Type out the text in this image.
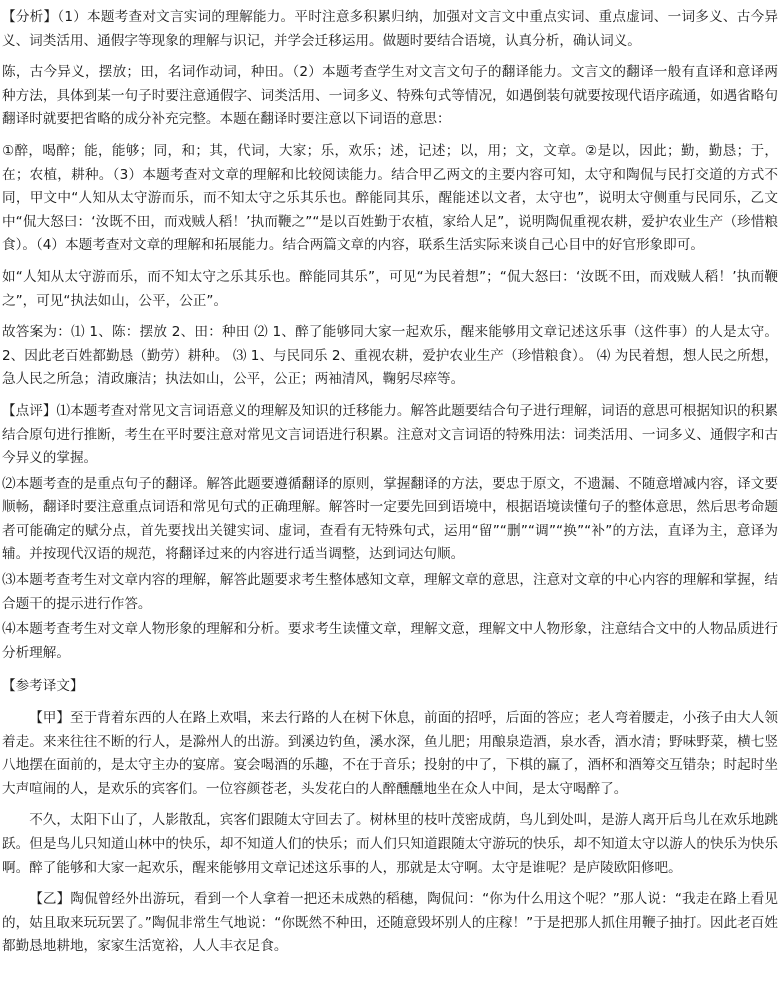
【分析】（1）本题考查对文言实词的理解能力。平时注意多积累归纳，加强对文言文中重点实词、重点虚词、一词多义、古今异义、词类活用、通假字等现象的理解与识记，并学会迁移运用。做题时要结合语境，认真分析，确认词义。

陈，古今异义，摆放；田，名词作动词，种田。（2）本题考查学生对文言文句子的翻译能力。文言文的翻译一般有直译和意译两种方法，具体到某一句子时要注意通假字、词类活用、一词多义、特殊句式等情况，如遇倒装句就要按现代语序疏通，如遇省略句翻译时就要把省略的成分补充完整。本题在翻译时要注意以下词语的意思：

①醉，喝醉；能，能够；同，和；其，代词，大家；乐，欢乐；述，记述；以，用；文，文章。②是以，因此；勤，勤恳；于，在；农植，耕种。（3）本题考查对文章的理解和比较阅读能力。结合甲乙两文的主要内容可知，太守和陶侃与民打交道的方式不同，甲文中“人知从太守游而乐，而不知太守之乐其乐也。醉能同其乐，醒能述以文者，太守也”，说明太守侧重与民同乐，乙文中“侃大怒曰：‘汝既不田，而戏贼人稻！’执而鞭之”“是以百姓勤于农植，家给人足”，说明陶侃重视农耕，爱护农业生产（珍惜粮食）。（4）本题考查对文章的理解和拓展能力。结合两篇文章的内容，联系生活实际来谈自己心目中的好官形象即可。

如“人知从太守游而乐，而不知太守之乐其乐也。醉能同其乐”，可见“为民着想”；“侃大怒曰：‘汝既不田，而戏贼人稻！’执而鞭之”，可见“执法如山，公平，公正”。

故答案为：⑴ 1、陈：摆放 2、田：种田 ⑵ 1、醉了能够同大家一起欢乐，醒来能够用文章记述这乐事（这件事）的人是太守。 2、因此老百姓都勤恳（勤劳）耕种。 ⑶ 1、与民同乐 2、重视农耕，爱护农业生产（珍惜粮食）。 ⑷ 为民着想，想人民之所想，急人民之所急；清政廉洁；执法如山，公平，公正；两袖清风，鞠躬尽瘁等。

【点评】⑴本题考查对常见文言词语意义的理解及知识的迁移能力。解答此题要结合句子进行理解，词语的意思可根据知识的积累结合原句进行推断，考生在平时要注意对常见文言词语进行积累。注意对文言词语的特殊用法：词类活用、一词多义、通假字和古今异义的掌握。

⑵本题考查的是重点句子的翻译。解答此题要遵循翻译的原则，掌握翻译的方法，要忠于原文，不遗漏、不随意增减内容，译文要顺畅，翻译时要注意重点词语和常见句式的正确理解。解答时一定要先回到语境中，根据语境读懂句子的整体意思，然后思考命题者可能确定的赋分点，首先要找出关键实词、虚词，查看有无特殊句式，运用“留”“删”“调”“换”“补”的方法，直译为主，意译为辅。并按现代汉语的规范，将翻译过来的内容进行适当调整，达到词达句顺。

⑶本题考查考生对文章内容的理解，解答此题要求考生整体感知文章，理解文章的意思，注意对文章的中心内容的理解和掌握，结合题干的提示进行作答。

⑷本题考查考生对文章人物形象的理解和分析。要求考生读懂文章，理解文意，理解文中人物形象，注意结合文中的人物品质进行分析理解。

【参考译文】

【甲】至于背着东西的人在路上欢唱，来去行路的人在树下休息，前面的招呼，后面的答应；老人弯着腰走，小孩子由大人领着走。来来往往不断的行人，是滁州人的出游。到溪边钓鱼，溪水深，鱼儿肥；用酿泉造酒，泉水香，酒水清；野味野菜，横七竖八地摆在面前的，是太守主办的宴席。宴会喝酒的乐趣，不在于音乐；投射的中了，下棋的赢了，酒杯和酒筹交互错杂；时起时坐大声喧闹的人，是欢乐的宾客们。一位容颜苍老，头发花白的人醉醺醺地坐在众人中间，是太守喝醉了。

不久，太阳下山了，人影散乱，宾客们跟随太守回去了。树林里的枝叶茂密成荫，鸟儿到处叫，是游人离开后鸟儿在欢乐地跳跃。但是鸟儿只知道山林中的快乐，却不知道人们的快乐；而人们只知道跟随太守游玩的快乐，却不知道太守以游人的快乐为快乐啊。醉了能够和大家一起欢乐，醒来能够用文章记述这乐事的人，那就是太守啊。太守是谁呢？是庐陵欧阳修吧。

【乙】陶侃曾经外出游玩，看到一个人拿着一把还未成熟的稻穗，陶侃问：“你为什么用这个呢？”那人说：“我走在路上看见的，姑且取来玩玩罢了。”陶侃非常生气地说：“你既然不种田，还随意毁坏别人的庄稼！”于是把那人抓住用鞭子抽打。因此老百姓都勤恳地耕地，家家生活宽裕，人人丰衣足食。
